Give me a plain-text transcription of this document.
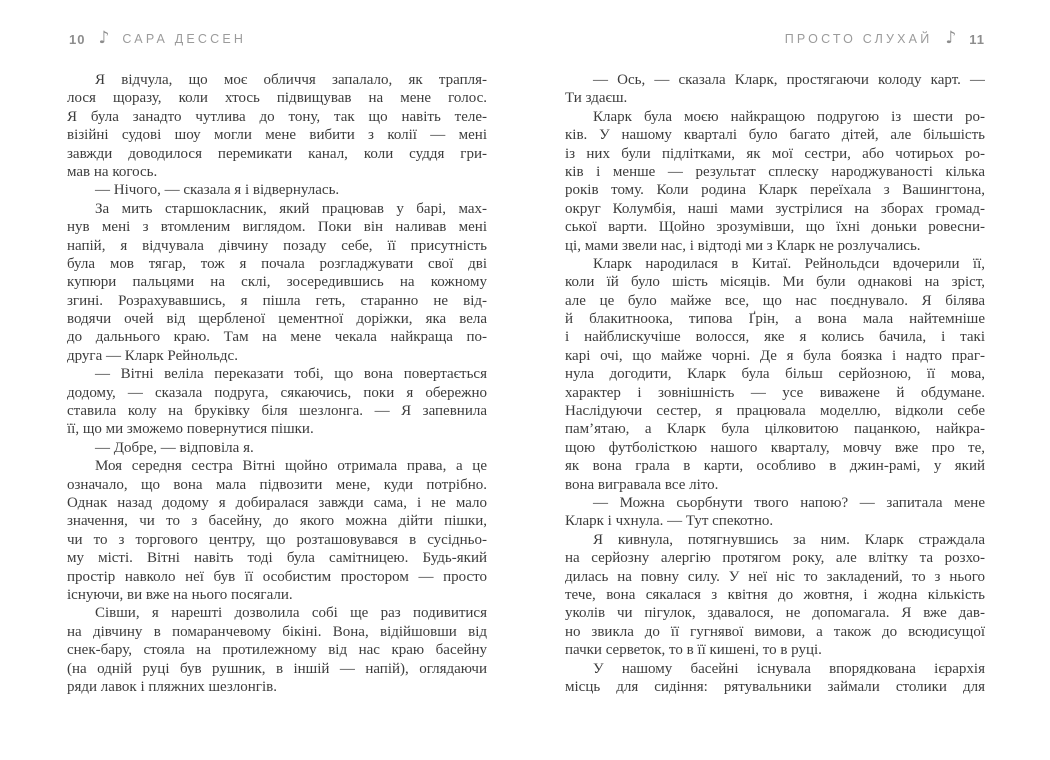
10 ♪ САРА ДЕССЕН
Я відчула, що моє обличчя запалало, як трапля-
лося щоразу, коли хтось підвищував на мене голос.
Я була занадто чутлива до тону, так що навіть теле-
візійні судові шоу могли мене вибити з колії — мені
завжди доводилося перемикати канал, коли суддя гри-
мав на когось.
— Нічого, — сказала я і відвернулась.
За мить старшокласник, який працював у барі, мах-
нув мені з втомленим виглядом. Поки він наливав мені
напій, я відчувала дівчину позаду себе, її присутність
була мов тягар, тож я почала розгладжувати свої дві
купюри пальцями на склі, зосередившись на кожному
згині. Розрахувавшись, я пішла геть, старанно не від-
водячи очей від щербленої цементної доріжки, яка вела
до дальнього краю. Там на мене чекала найкраща по-
друга — Кларк Рейнольдс.
— Вітні веліла переказати тобі, що вона повертається
додому, — сказала подруга, сякаючись, поки я обережно
ставила колу на бруківку біля шезлонга. — Я запевнила
її, що ми зможемо повернутися пішки.
— Добре, — відповіла я.
Моя середня сестра Вітні щойно отримала права, а це
означало, що вона мала підвозити мене, куди потрібно.
Однак назад додому я добиралася завжди сама, і не мало
значення, чи то з басейну, до якого можна дійти пішки,
чи то з торгового центру, що розташовувався в сусідньо-
му місті. Вітні навіть тоді була самітницею. Будь-який
простір навколо неї був її особистим простором — просто
існуючи, ви вже на нього посягали.
Сівши, я нарешті дозволила собі ще раз подивитися
на дівчину в помаранчевому бікіні. Вона, відійшовши від
снек-бару, стояла на протилежному від нас краю басейну
(на одній руці був рушник, в іншій — напій), оглядаючи
ряди лавок і пляжних шезлонгів.
ПРОСТО СЛУХАЙ ♪ 11
— Ось, — сказала Кларк, простягаючи колоду карт. —
Ти здаєш.
Кларк була моєю найкращою подругою із шести ро-
ків. У нашому кварталі було багато дітей, але більшість
із них були підлітками, як мої сестри, або чотирьох ро-
ків і менше — результат сплеску народжуваності кілька
років тому. Коли родина Кларк переїхала з Вашингтона,
округ Колумбія, наші мами зустрілися на зборах громад-
ської варти. Щойно зрозумівши, що їхні доньки ровесни-
ці, мами звели нас, і відтоді ми з Кларк не розлучались.
Кларк народилася в Китаї. Рейнольдси вдочерили її,
коли їй було шість місяців. Ми були однакові на зріст,
але це було майже все, що нас поєднувало. Я білява
й блакитноока, типова Ґрін, а вона мала найтемніше
і найблискучіше волосся, яке я колись бачила, і такі
карі очі, що майже чорні. Де я була боязка і надто праг-
нула догодити, Кларк була більш серйозною, її мова,
характер і зовнішність — усе виважене й обдумане.
Наслідуючи сестер, я працювала моделлю, відколи себе
пам’ятаю, а Кларк була цілковитою пацанкою, найкра-
щою футболісткою нашого кварталу, мовчу вже про те,
як вона грала в карти, особливо в джин-рамі, у який
вона вигравала все літо.
— Можна сьорбнути твого напою? — запитала мене
Кларк і чхнула. — Тут спекотно.
Я кивнула, потягнувшись за ним. Кларк страждала
на серйозну алергію протягом року, але влітку та розхо-
дилась на повну силу. У неї ніс то закладений, то з нього
тече, вона сякалася з квітня до жовтня, і жодна кількість
уколів чи пігулок, здавалося, не допомагала. Я вже дав-
но звикла до її гугнявої вимови, а також до всюдисущої
пачки серветок, то в її кишені, то в руці.
У нашому басейні існувала впорядкована ієрархія
місць для сидіння: рятувальники займали столики для
